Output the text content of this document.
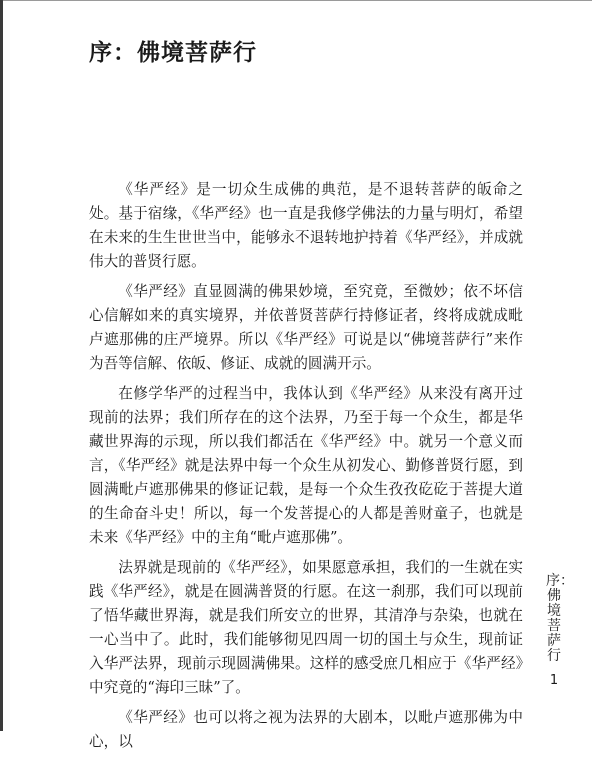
序：佛境菩萨行

《华严经》是一切众生成佛的典范，是不退转菩萨的皈命之处。基于宿缘，《华严经》也一直是我修学佛法的力量与明灯，希望在未来的生生世世当中，能够永不退转地护持着《华严经》，并成就伟大的普贤行愿。

《华严经》直显圆满的佛果妙境，至究竟，至微妙；依不坏信心信解如来的真实境界，并依普贤菩萨行持修证者，终将成就成毗卢遮那佛的庄严境界。所以《华严经》可说是以“佛境菩萨行”来作为吾等信解、依皈、修证、成就的圆满开示。

在修学华严的过程当中，我体认到《华严经》从来没有离开过现前的法界；我们所存在的这个法界，乃至于每一个众生，都是华藏世界海的示现，所以我们都活在《华严经》中。就另一个意义而言，《华严经》就是法界中每一个众生从初发心、勤修普贤行愿，到圆满毗卢遮那佛果的修证记载，是每一个众生孜孜矻矻于菩提大道的生命奋斗史！所以，每一个发菩提心的人都是善财童子，也就是未来《华严经》中的主角“毗卢遮那佛”。

法界就是现前的《华严经》，如果愿意承担，我们的一生就在实践《华严经》，就是在圆满普贤的行愿。在这一刹那，我们可以现前了悟华藏世界海，就是我们所安立的世界，其清净与杂染，也就在一心当中了。此时，我们能够彻见四周一切的国土与众生，现前证入华严法界，现前示现圆满佛果。这样的感受庶几相应于《华严经》中究竟的“海印三昧”了。

《华严经》也可以将之视为法界的大剧本，以毗卢遮那佛为中心，以

序：佛境菩萨行
1
